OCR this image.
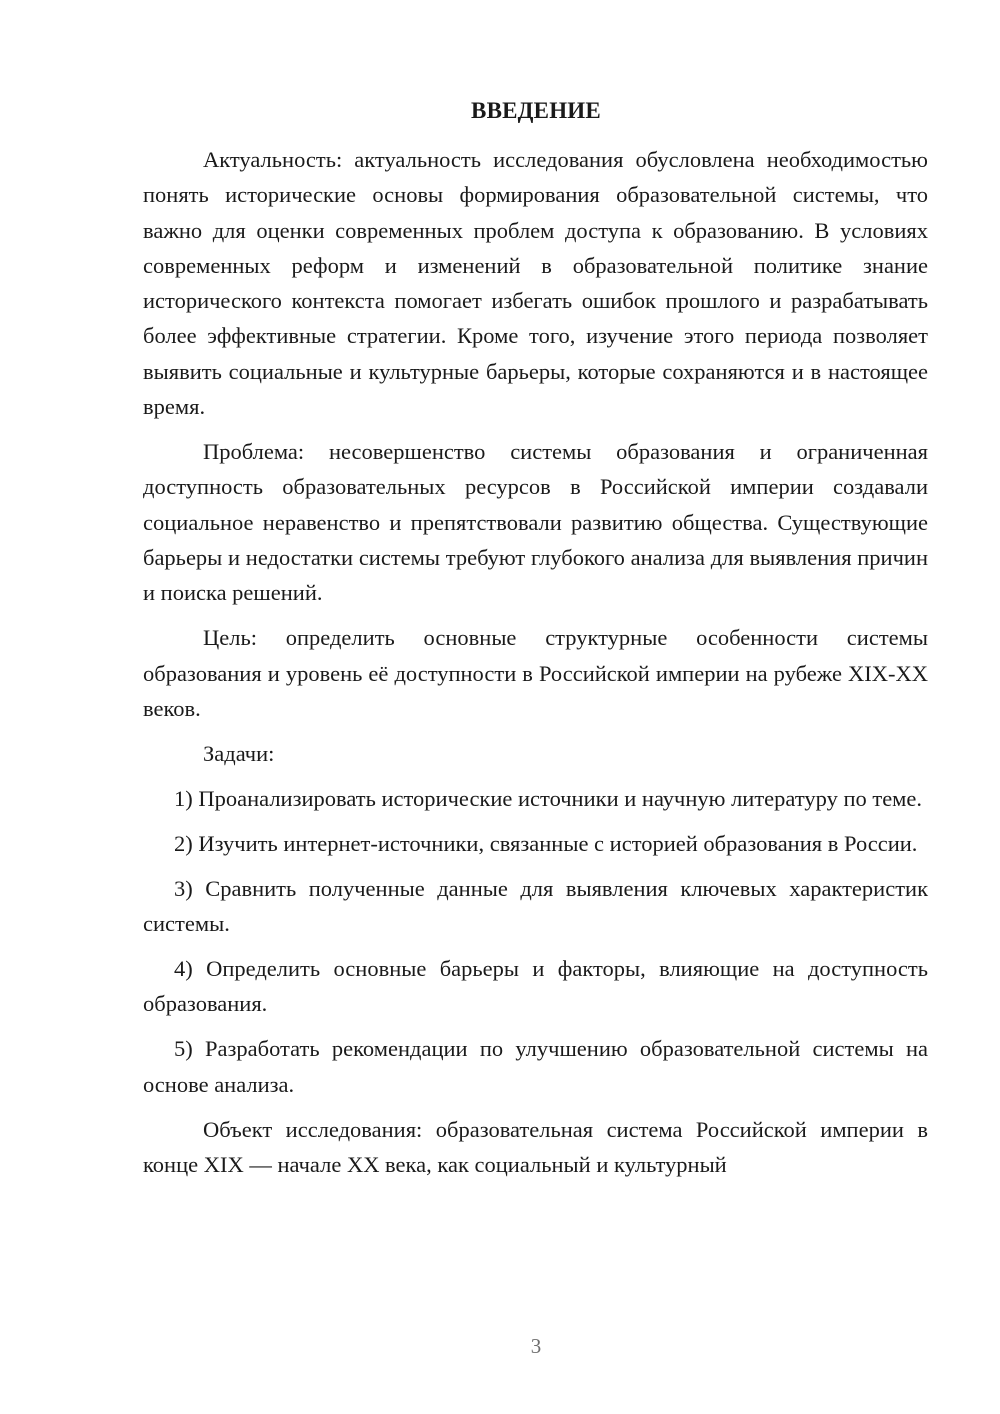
ВВЕДЕНИЕ

Актуальность: актуальность исследования обусловлена необходимостью понять исторические основы формирования образовательной системы, что важно для оценки современных проблем доступа к образованию. В условиях современных реформ и изменений в образовательной политике знание исторического контекста помогает избегать ошибок прошлого и разрабатывать более эффективные стратегии. Кроме того, изучение этого периода позволяет выявить социальные и культурные барьеры, которые сохраняются и в настоящее время.

Проблема: несовершенство системы образования и ограниченная доступность образовательных ресурсов в Российской империи создавали социальное неравенство и препятствовали развитию общества. Существующие барьеры и недостатки системы требуют глубокого анализа для выявления причин и поиска решений.

Цель: определить основные структурные особенности системы образования и уровень её доступности в Российской империи на рубеже XIX-XX веков.

Задачи:

1) Проанализировать исторические источники и научную литературу по теме.

2) Изучить интернет-источники, связанные с историей образования в России.

3) Сравнить полученные данные для выявления ключевых характеристик системы.

4) Определить основные барьеры и факторы, влияющие на доступность образования.

5) Разработать рекомендации по улучшению образовательной системы на основе анализа.

Объект исследования: образовательная система Российской империи в конце XIX — начале XX века, как социальный и культурный

3
